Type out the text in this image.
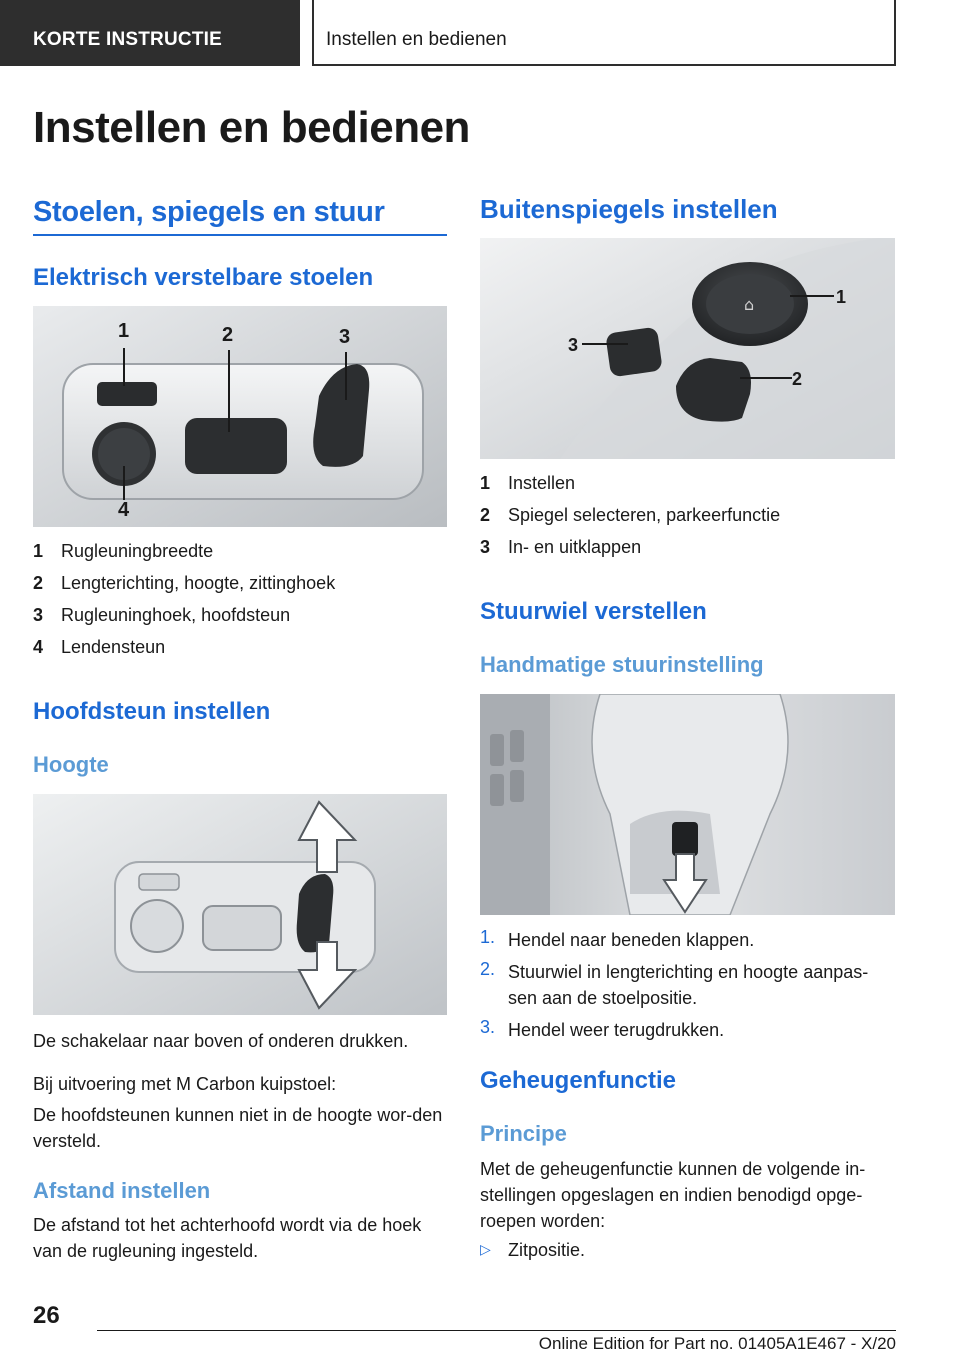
KORTE INSTRUCTIE	Instellen en bedienen
Instellen en bedienen
Stoelen, spiegels en stuur
Elektrisch verstelbare stoelen
1	2	3
4
1 Rugleuningbreedte
2 Lengterichting, hoogte, zittinghoek
3 Rugleuninghoek, hoofdsteun
4 Lendensteun
Hoofdsteun instellen
Hoogte
De schakelaar naar boven of onderen drukken.
Bij uitvoering met M Carbon kuipstoel:
De hoofdsteunen kunnen niet in de hoogte wor-den versteld.
Afstand instellen
De afstand tot het achterhoofd wordt via de hoek van de rugleuning ingesteld.
Buitenspiegels instellen
⌂	1
2
3
1 Instellen
2 Spiegel selecteren, parkeerfunctie
3 In- en uitklappen
Stuurwiel verstellen
Handmatige stuurinstelling
1. Hendel naar beneden klappen.
2. Stuurwiel in lengterichting en hoogte aanpas-sen aan de stoelpositie.
3. Hendel weer terugdrukken.
Geheugenfunctie
Principe
Met de geheugenfunctie kunnen de volgende in-stellingen opgeslagen en indien benodigd opge-roepen worden:
▷ Zitpositie.
26
Online Edition for Part no. 01405A1E467 - X/20
